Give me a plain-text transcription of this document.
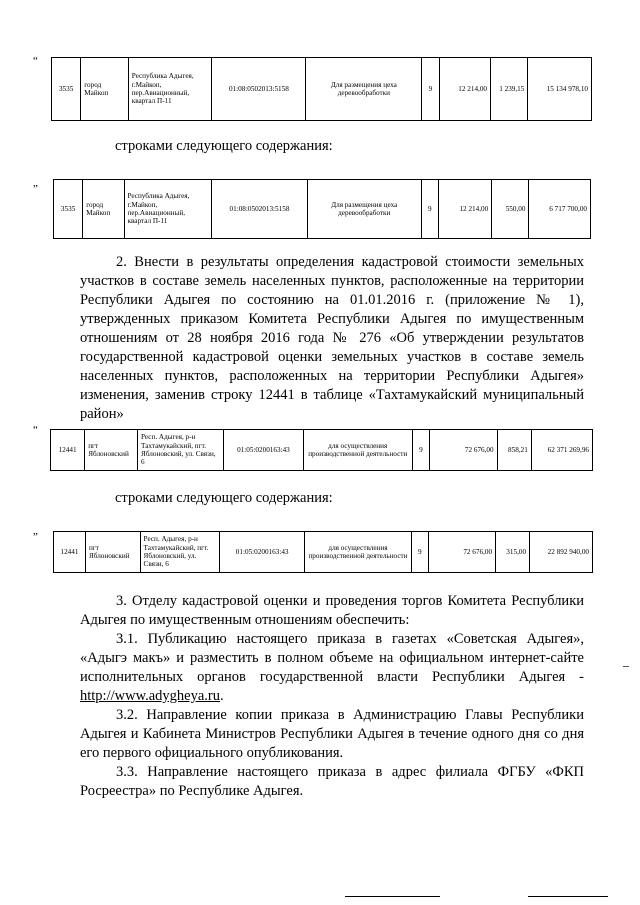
“
3535	город Майкоп	Республика Адыгея, г.Майкоп, пер.Авиационный, квартал П-11	01:08:0502013:5158	Для размещения цеха деревообработки	9	12 214,00	1 239,15	15 134 978,10
строками следующего содержания:
„
3535	город Майкоп	Республика Адыгея, г.Майкоп, пер.Авиационный, квартал П-11	01:08:0502013:5158	Для размещения цеха деревообработки	9	12 214,00	550,00	6 717 700,00

2. Внести в результаты определения кадастровой стоимости земельных участков в составе земель населенных пунктов, расположенные на территории Республики Адыгея по состоянию на 01.01.2016 г. (приложение № 1), утвержденных приказом Комитета Республики Адыгея по имущественным отношениям от 28 ноября 2016 года № 276 «Об утверждении результатов государственной кадастровой оценки земельных участков в составе земель населенных пунктов, расположенных на территории Республики Адыгея» изменения, заменив строку 12441 в таблице «Тахтамукайский муниципальный район»

“
12441	пгт Яблоновский	Респ. Адыгея, р-н Тахтамукайский, пгт. Яблоновский, ул. Связи, 6	01:05:0200163:43	для осуществления производственной деятельности	9	72 676,00	858,21	62 371 269,96
строками следующего содержания:
„
12441	пгт Яблоновский	Респ. Адыгея, р-н Тахтамукайский, пгт. Яблоновский, ул. Связи, 6	01:05:0200163:43	для осуществления производственной деятельности	9	72 676,00	315,00	22 892 940,00

3. Отделу кадастровой оценки и проведения торгов Комитета Республики Адыгея по имущественным отношениям обеспечить:

3.1. Публикацию настоящего приказа в газетах «Советская Адыгея», «Адыгэ макъ» и разместить в полном объеме на официальном интернет-сайте исполнительных органов государственной власти Республики Адыгея - http://www.adygheya.ru.

3.2. Направление копии приказа в Администрацию Главы Республики Адыгея и Кабинета Министров Республики Адыгея в течение одного дня со дня его первого официального опубликования.

3.3. Направление настоящего приказа в адрес филиала ФГБУ «ФКП Росреестра» по Республике Адыгея.
